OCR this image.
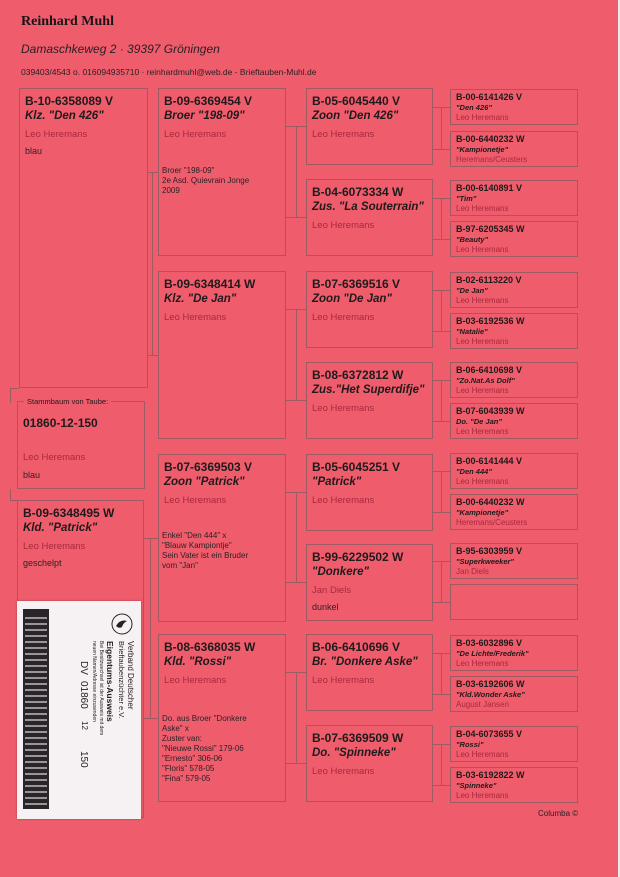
Reinhard Muhl
Damaschkeweg 2 · 39397 Gröningen
039403/4543 o. 016094935710 · reinhardmuhl@web.de - Brieftauben-Muhl.de
B-10-6358089 V
Klz. "Den 426"
Leo Heremans
blau
01860-12-150
Leo Heremans
blau
Stammbaum von Taube:
B-09-6348495 W
Kld. "Patrick"
Leo Heremans
geschelpt
B-09-6369454 V
Broer "198-09"
Leo Heremans
Broer "198-09"
2e Asd. Quievrain Jonge
2009
B-09-6348414 W
Klz. "De Jan"
Leo Heremans
B-07-6369503 V
Zoon "Patrick"
Leo Heremans
Enkel "Den 444" x
"Blauw Kampiontje"
Sein Vater ist ein Bruder
vom "Jan"
B-08-6368035 W
Kld. "Rossi"
Leo Heremans
Do. aus Broer "Donkere
Aske" x
Zuster van:
"Nieuwe Rossi" 179-06
"Ernesto" 306-06
"Floris" 578-05
"Fina" 579-05
B-05-6045440 V
Zoon "Den 426"
Leo Heremans
B-04-6073334 W
Zus. "La Souterrain"
Leo Heremans
B-07-6369516 V
Zoon "De Jan"
Leo Heremans
B-08-6372812 W
Zus."Het Superdifje"
Leo Heremans
B-05-6045251 V
"Patrick"
Leo Heremans
B-99-6229502 W
"Donkere"
Jan Diels
dunkel
B-06-6410696 V
Br. "Donkere Aske"
Leo Heremans
B-07-6369509 W
Do. "Spinneke"
Leo Heremans
B-00-6141426 V
"Den 426"
Leo Heremans
B-00-6440232 W
"Kampionetje"
Heremans/Ceusters
B-00-6140891 V
"Tim"
Leo Heremans
B-97-6205345 W
"Beauty"
Leo Heremans
B-02-6113220 V
"De Jan"
Leo Heremans
B-03-6192536 W
"Natalie"
Leo Heremans
B-06-6410698 V
"Zo.Nat.As Dolf"
Leo Heremans
B-07-6043939 W
Do. "De Jan"
Leo Heremans
B-00-6141444 V
"Den 444"
Leo Heremans
B-00-6440232 W
"Kampionetje"
Heremans/Ceusters
B-95-6303959 V
"Superkweeker"
Jan Diels
B-03-6032896 V
"De Lichte/Frederik"
Leo Heremans
B-03-6192606 W
"Kld.Wonder Aske"
August Jansen
B-04-6073655 V
"Rossi"
Leo Heremans
B-03-6192822 W
"Spinneke"
Leo Heremans
Columba ©
Verband Deutscher
Brieftaubenzüchter e.V.
Eigentums-Ausweis
Bei Besitzwechsel ist der Ausweis mit dem
neuen Namen/Adresse einzusenden
DV
01860
12
150
